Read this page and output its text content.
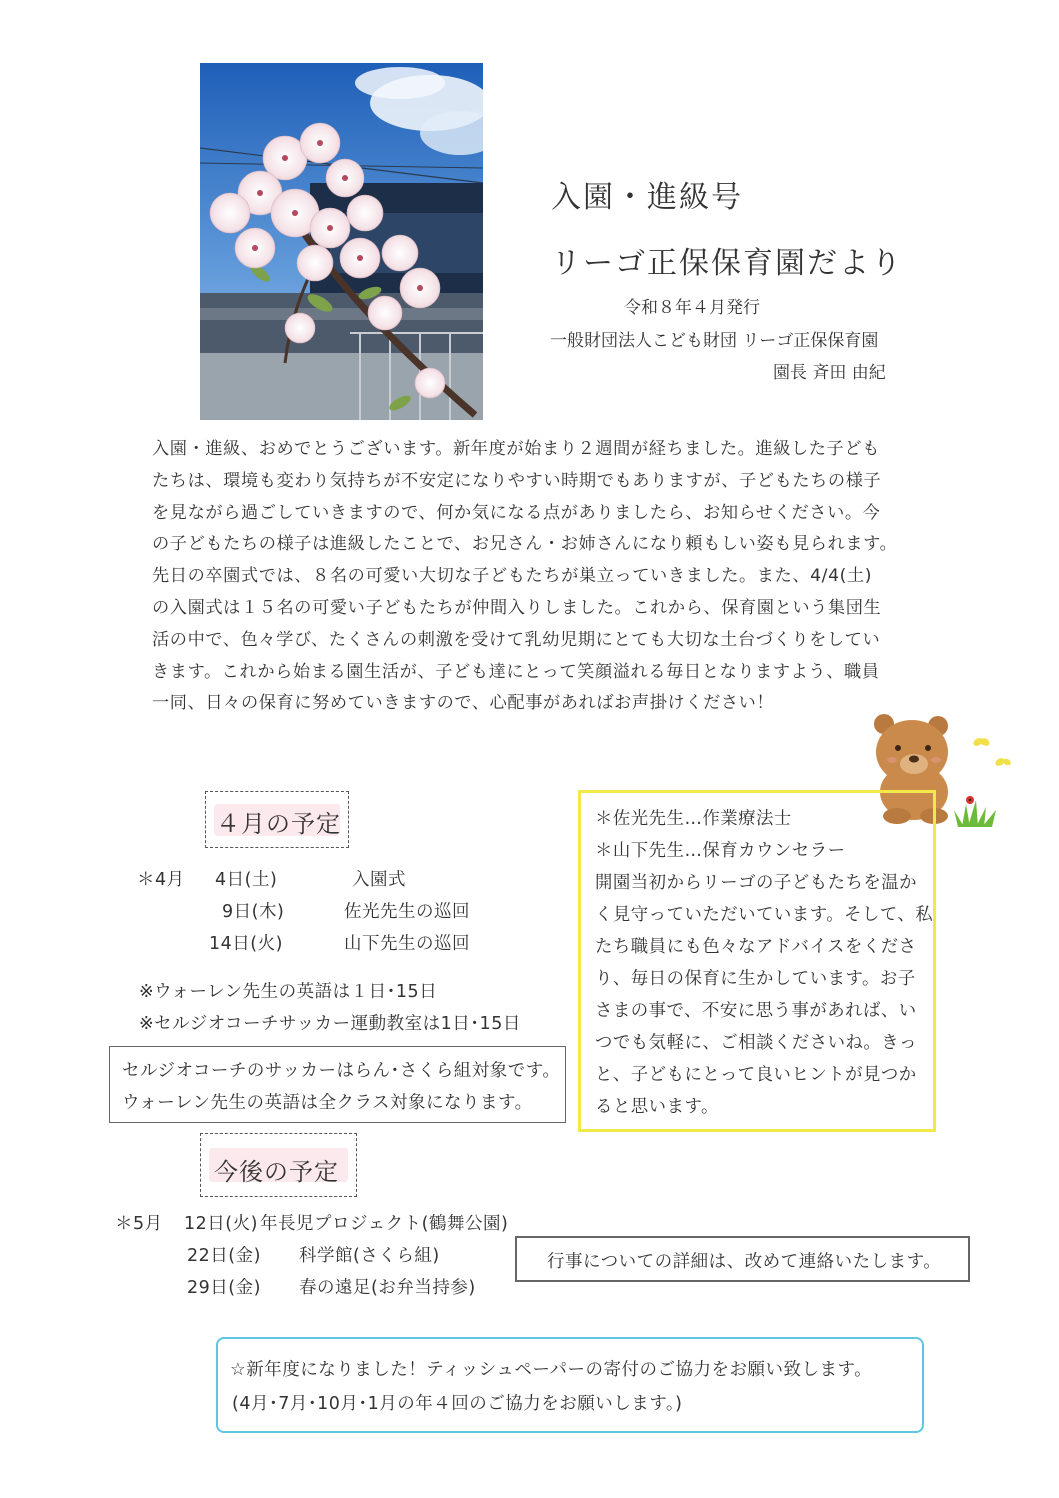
入園・進級号
リーゴ正保保育園だより
令和８年４月発行
一般財団法人こども財団 リーゴ正保保育園
園長 斉田 由紀
入園・進級、おめでとうございます。新年度が始まり２週間が経ちました。進級した子ども
たちは、環境も変わり気持ちが不安定になりやすい時期でもありますが、子どもたちの様子
を見ながら過ごしていきますので、何か気になる点がありましたら、お知らせください。今
の子どもたちの様子は進級したことで、お兄さん・お姉さんになり頼もしい姿も見られます。
先日の卒園式では、８名の可愛い大切な子どもたちが巣立っていきました。また、4/4(土)
の入園式は１５名の可愛い子どもたちが仲間入りしました。これから、保育園という集団生
活の中で、色々学び、たくさんの刺激を受けて乳幼児期にとても大切な土台づくりをしてい
きます。これから始まる園生活が、子ども達にとって笑顔溢れる毎日となりますよう、職員
一同、日々の保育に努めていきますので、心配事があればお声掛けください！
４月の予定
＊4月 4日(土)	入園式
9日(木)	佐光先生の巡回
14日(火)	山下先生の巡回
※ウォーレン先生の英語は１日･15日
※セルジオコーチサッカー運動教室は1日･15日
セルジオコーチのサッカーはらん･さくら組対象です。
ウォーレン先生の英語は全クラス対象になります。
＊佐光先生…作業療法士
＊山下先生…保育カウンセラー
開園当初からリーゴの子どもたちを温か
く見守っていただいています。そして、私
たち職員にも色々なアドバイスをくださ
り、毎日の保育に生かしています。お子
さまの事で、不安に思う事があれば、い
つでも気軽に、ご相談くださいね。きっ
と、子どもにとって良いヒントが見つか
ると思います。
今後の予定
＊5月 12日(火) 年長児プロジェクト(鶴舞公園)
22日(金) 科学館(さくら組)
29日(金) 春の遠足(お弁当持参)
行事についての詳細は、改めて連絡いたします。
☆新年度になりました！ティッシュペーパーの寄付のご協力をお願い致します。
(4月･7月･10月･1月の年４回のご協力をお願いします。)
